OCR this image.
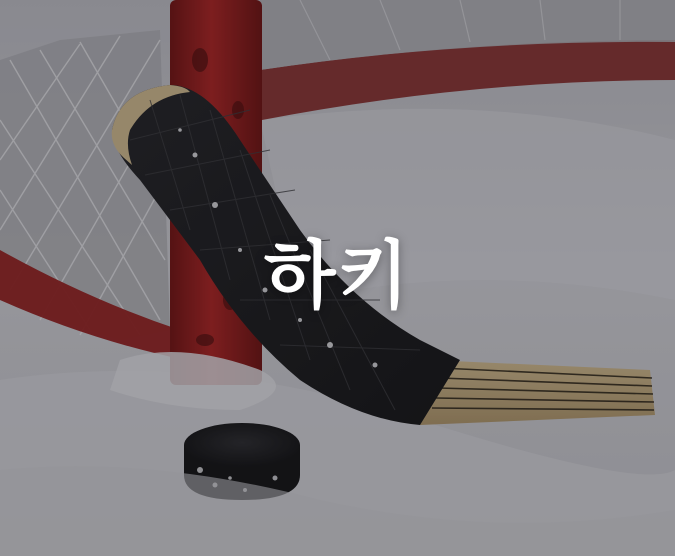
하키
